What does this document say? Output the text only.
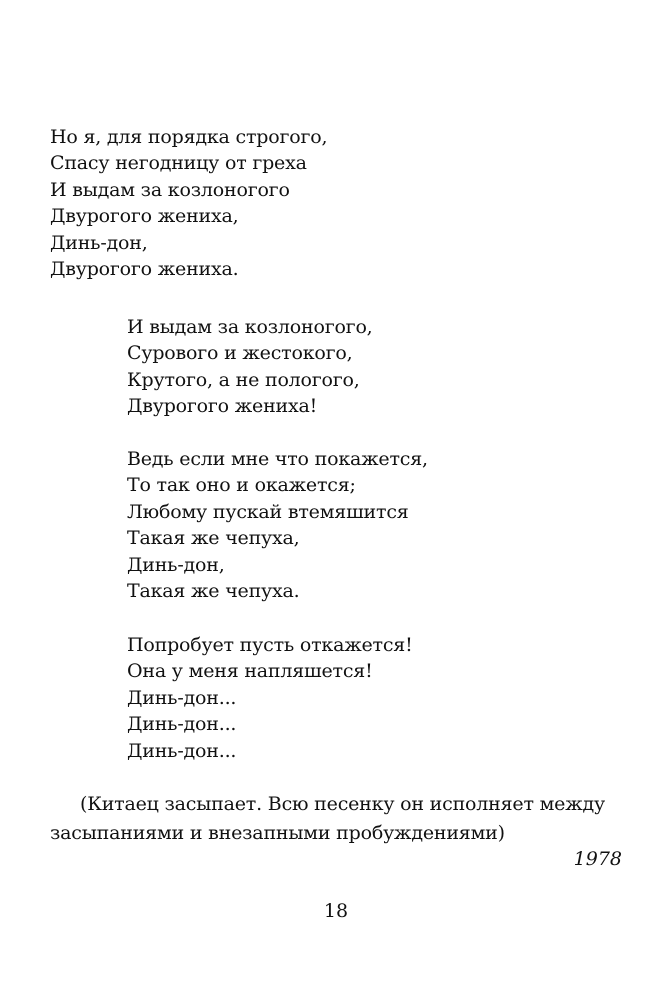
Но я, для порядка строгого,
Спасу негодницу от греха
И выдам за козлоногого
Двурогого жениха,
Динь-дон,
Двурогого жениха.
И выдам за козлоногого,
Сурового и жестокого,
Крутого, а не пологого,
Двурогого жениха!
Ведь если мне что покажется,
То так оно и окажется;
Любому пускай втемяшится
Такая же чепуха,
Динь-дон,
Такая же чепуха.
Попробует пусть откажется!
Она у меня напляшется!
Динь-дон...
Динь-дон...
Динь-дон...

(Китаец засыпает. Всю песенку он исполняет между
засыпаниями и внезапными пробуждениями)

1978
18
